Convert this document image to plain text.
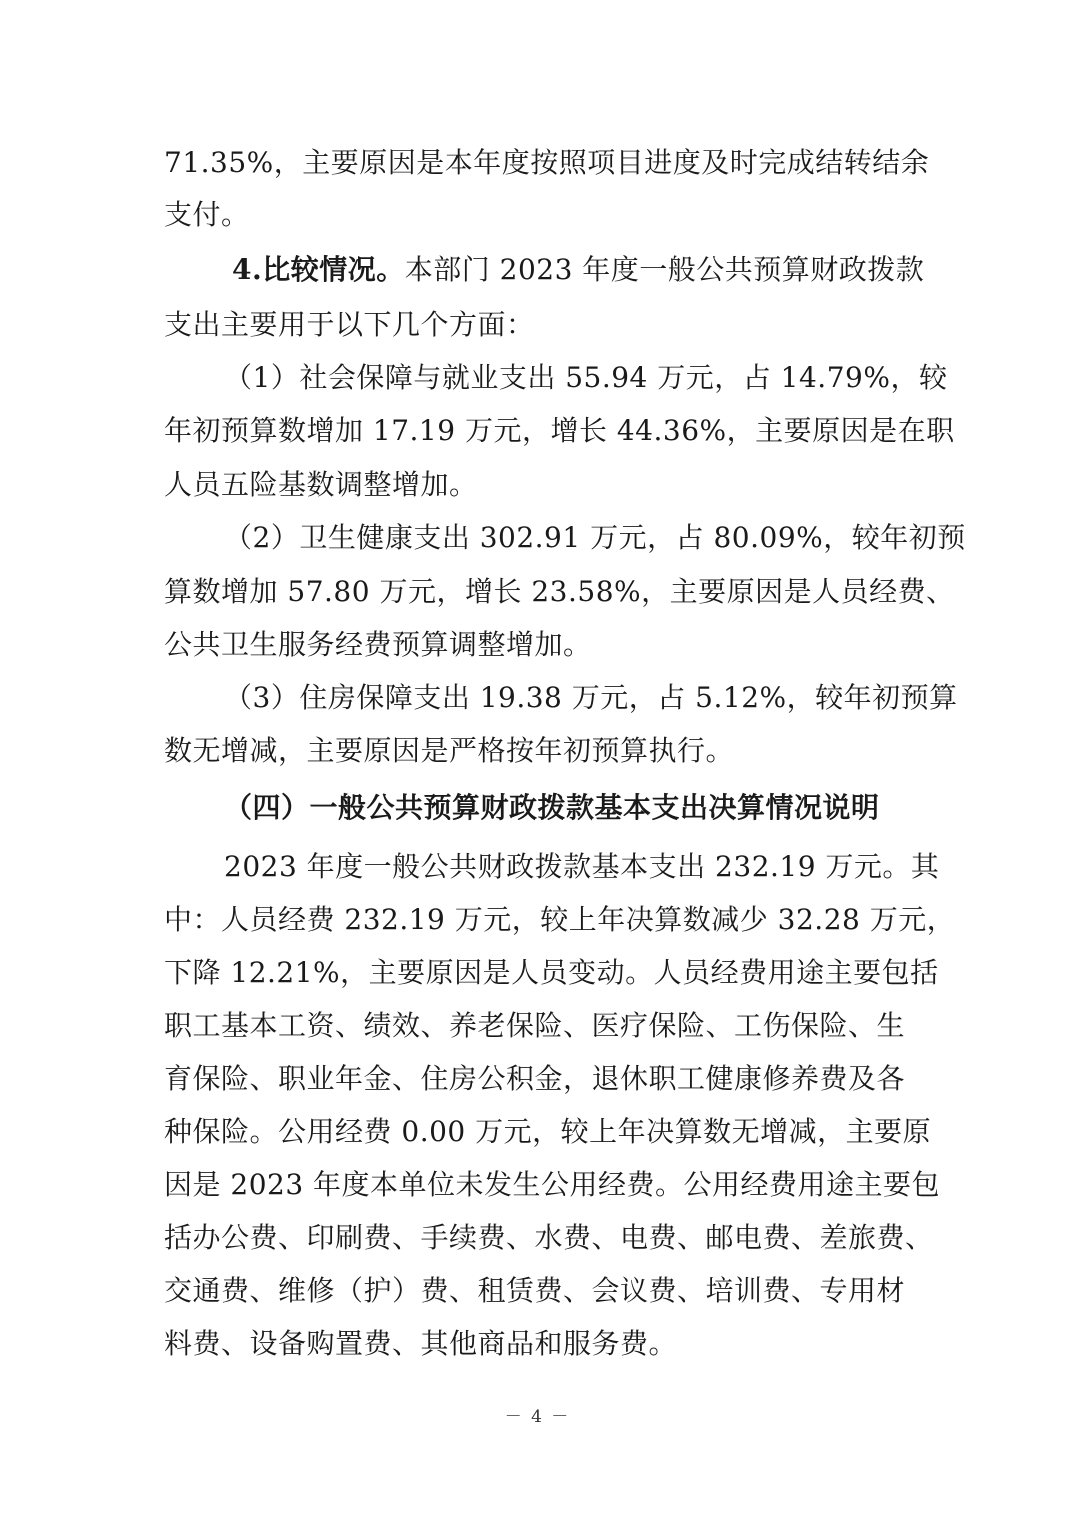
71.35%，主要原因是本年度按照项目进度及时完成结转结余
支付。
4.比较情况。本部门 2023 年度一般公共预算财政拨款
支出主要用于以下几个方面：
（1）社会保障与就业支出 55.94 万元，占 14.79%，较
年初预算数增加 17.19 万元，增长 44.36%，主要原因是在职
人员五险基数调整增加。
（2）卫生健康支出 302.91 万元，占 80.09%，较年初预
算数增加 57.80 万元，增长 23.58%，主要原因是人员经费、
公共卫生服务经费预算调整增加。
（3）住房保障支出 19.38 万元，占 5.12%，较年初预算
数无增减，主要原因是严格按年初预算执行。
（四）一般公共预算财政拨款基本支出决算情况说明
2023 年度一般公共财政拨款基本支出 232.19 万元。其
中：人员经费 232.19 万元，较上年决算数减少 32.28 万元，
下降 12.21%，主要原因是人员变动。人员经费用途主要包括
职工基本工资、绩效、养老保险、医疗保险、工伤保险、生
育保险、职业年金、住房公积金，退休职工健康修养费及各
种保险。公用经费 0.00 万元，较上年决算数无增减，主要原
因是 2023 年度本单位未发生公用经费。公用经费用途主要包
括办公费、印刷费、手续费、水费、电费、邮电费、差旅费、
交通费、维修（护）费、租赁费、会议费、培训费、专用材
料费、设备购置费、其他商品和服务费。
－ 4 －
